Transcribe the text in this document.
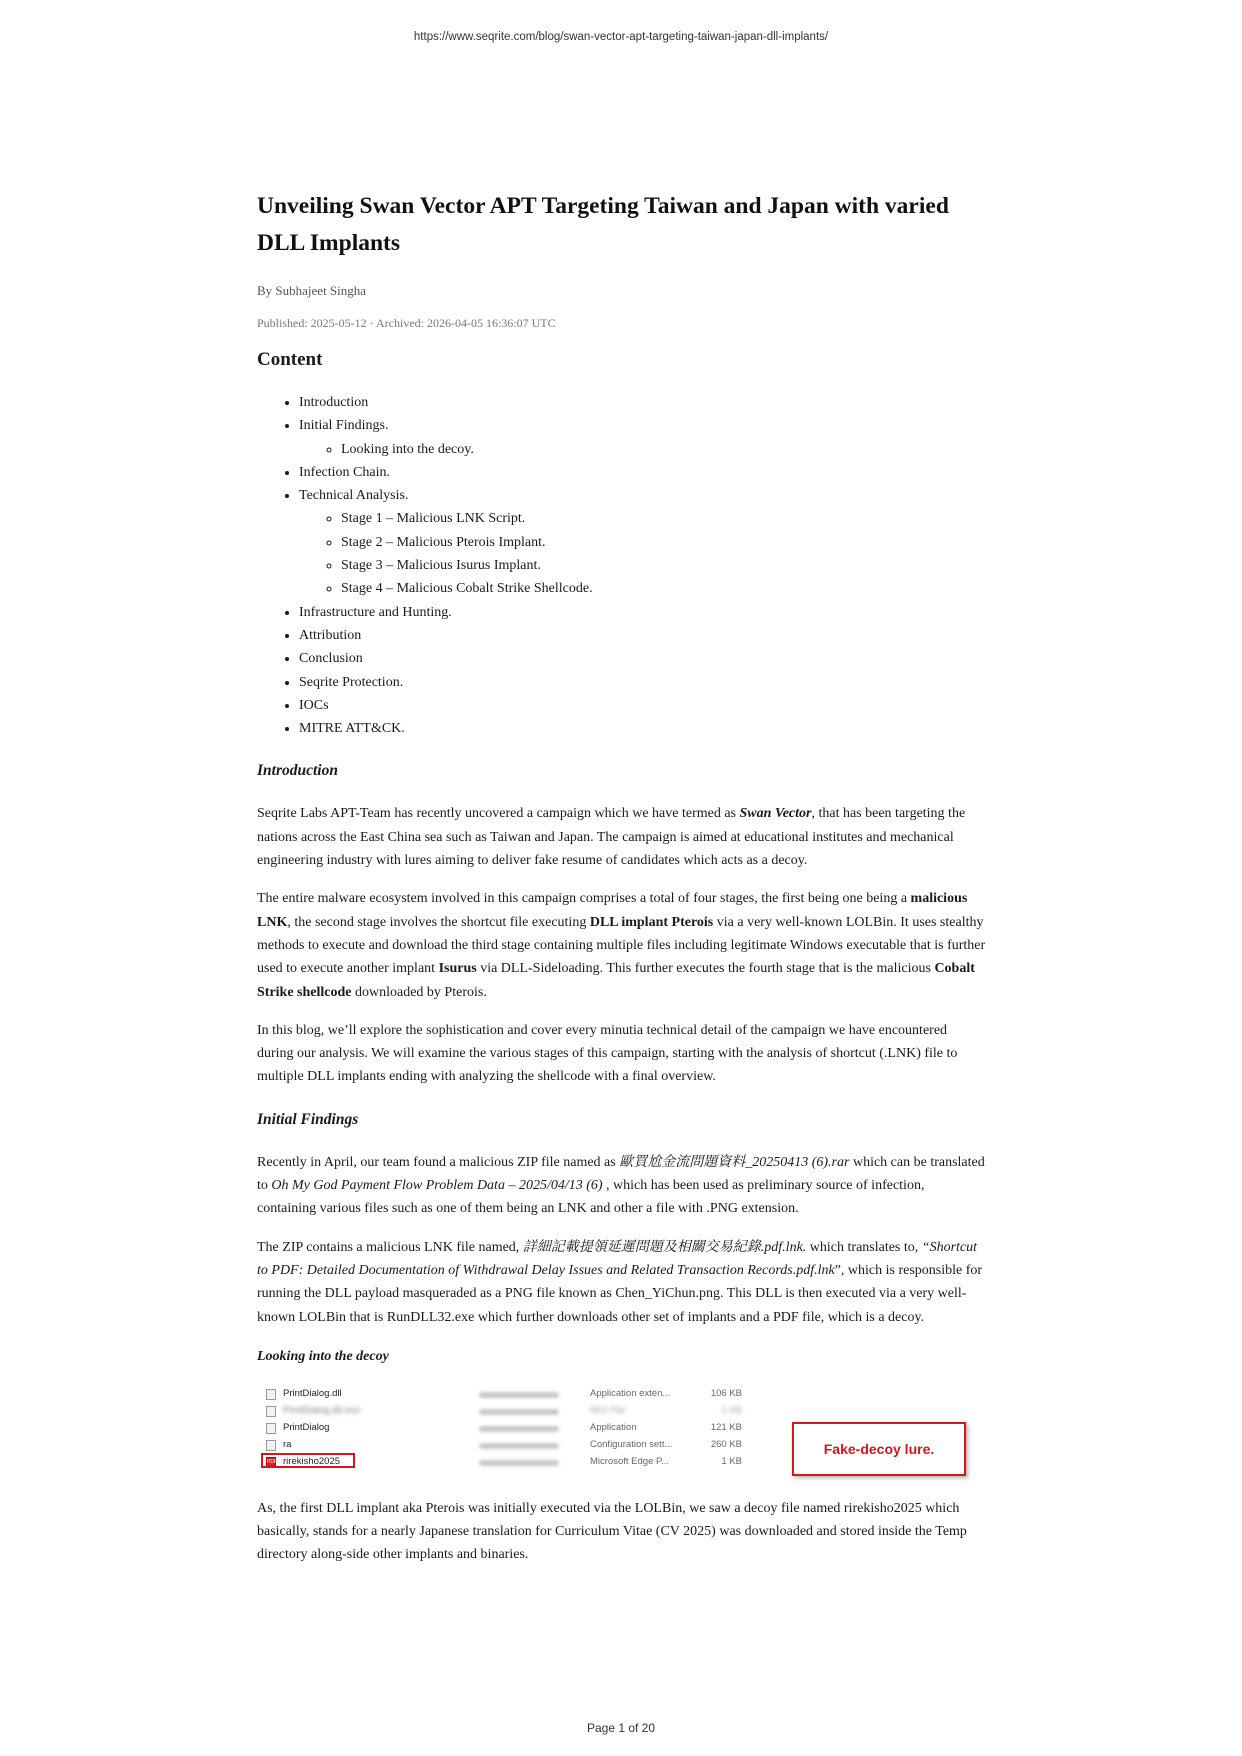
https://www.seqrite.com/blog/swan-vector-apt-targeting-taiwan-japan-dll-implants/
Unveiling Swan Vector APT Targeting Taiwan and Japan with varied DLL Implants
By Subhajeet Singha
Published: 2025-05-12 · Archived: 2026-04-05 16:36:07 UTC
Content
• Introduction
• Initial Findings.
◦ Looking into the decoy.
• Infection Chain.
• Technical Analysis.
◦ Stage 1 – Malicious LNK Script.
◦ Stage 2 – Malicious Pterois Implant.
◦ Stage 3 – Malicious Isurus Implant.
◦ Stage 4 – Malicious Cobalt Strike Shellcode.
• Infrastructure and Hunting.
• Attribution
• Conclusion
• Seqrite Protection.
• IOCs
• MITRE ATT&CK.
Introduction

Seqrite Labs APT-Team has recently uncovered a campaign which we have termed as Swan Vector, that has been targeting the nations across the East China sea such as Taiwan and Japan. The campaign is aimed at educational institutes and mechanical engineering industry with lures aiming to deliver fake resume of candidates which acts as a decoy.

The entire malware ecosystem involved in this campaign comprises a total of four stages, the first being one being a malicious LNK, the second stage involves the shortcut file executing DLL implant Pterois via a very well-known LOLBin. It uses stealthy methods to execute and download the third stage containing multiple files including legitimate Windows executable that is further used to execute another implant Isurus via DLL-Sideloading. This further executes the fourth stage that is the malicious Cobalt Strike shellcode downloaded by Pterois.

In this blog, we’ll explore the sophistication and cover every minutia technical detail of the campaign we have encountered during our analysis. We will examine the various stages of this campaign, starting with the analysis of shortcut (.LNK) file to multiple DLL implants ending with analyzing the shellcode with a final overview.

Initial Findings

Recently in April, our team found a malicious ZIP file named as 歐買尬金流問題資料_20250413 (6).rar which can be translated to Oh My God Payment Flow Problem Data – 2025/04/13 (6) , which has been used as preliminary source of infection, containing various files such as one of them being an LNK and other a file with .PNG extension.

The ZIP contains a malicious LNK file named, 詳細記載提領延遲問題及相關交易紀錄.pdf.lnk. which translates to, “Shortcut to PDF: Detailed Documentation of Withdrawal Delay Issues and Related Transaction Records.pdf.lnk”, which is responsible for running the DLL payload masqueraded as a PNG file known as Chen_YiChun.png. This DLL is then executed via a very well-known LOLBin that is RunDLL32.exe which further downloads other set of implants and a PDF file, which is a decoy.

Looking into the decoy
PrintDialog.dll	Application exten...	106 KB
PrintDialog.dll.mui	MUI File	1 KB
PrintDialog	Application	121 KB
ra	Configuration sett...	260 KB
PDF rirekisho2025	Microsoft Edge P...	1 KB
Fake-decoy lure.

As, the first DLL implant aka Pterois was initially executed via the LOLBin, we saw a decoy file named rirekisho2025 which basically, stands for a nearly Japanese translation for Curriculum Vitae (CV 2025) was downloaded and stored inside the Temp directory along-side other implants and binaries.

Page 1 of 20
